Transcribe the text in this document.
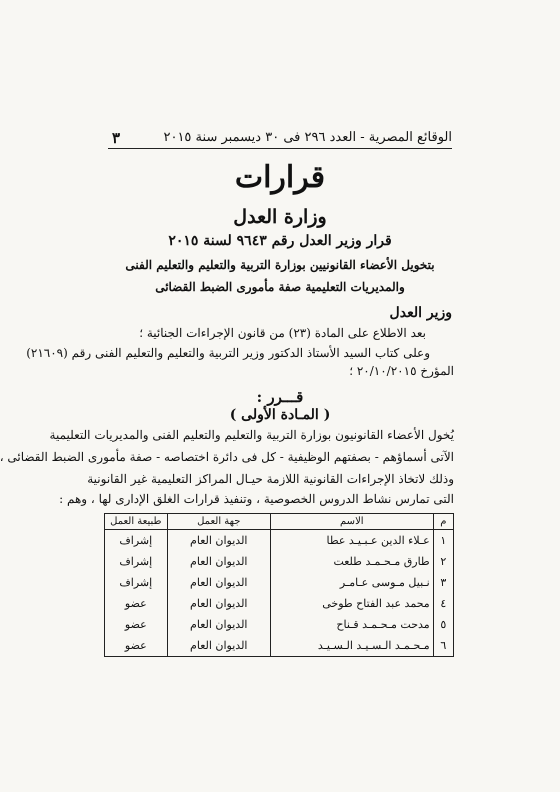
الوقائع المصرية - العدد ٢٩٦ فى ٣٠ ديسمبر سنة ٢٠١٥
٣
قرارات
وزارة العدل
قرار وزير العدل رقم ٩٦٤٣ لسنة ٢٠١٥
بتخويل الأعضاء القانونيين بوزارة التربية والتعليم والتعليم الفنى
والمديريات التعليمية صفة مأمورى الضبط القضائى
وزير العدل
بعد الاطلاع على المادة (٢٣) من قانون الإجراءات الجنائية ؛
وعلى كتاب السيد الأستاذ الدكتور وزير التربية والتعليم والتعليم الفنى رقم (٢١٦٠٩)
المؤرخ ٢٠/١٠/٢٠١٥ ؛
قـــرر :
( المـادة الأولى )
يُخول الأعضاء القانونيون بوزارة التربية والتعليم والتعليم الفنى والمديريات التعليمية
الآتى أسماؤهم - بصفتهم الوظيفية - كل فى دائرة اختصاصه - صفة مأمورى الضبط القضائى ،
وذلك لاتخاذ الإجراءات القانونية اللازمة حيـال المراكز التعليمية غير القانونية
التى تمارس نشاط الدروس الخصوصية ، وتنفيذ قرارات الغلق الإدارى لها ، وهم :
م	الاسم	جهة العمل	طبيعة العمل
١	عـلاء الدين عـبـيـد عطا	الديوان العام	إشراف
٢	طارق مـحـمـد طلعت	الديوان العام	إشراف
٣	نـبيل مـوسى عـامـر	الديوان العام	إشراف
٤	محمد عبد الفتاح طوخى	الديوان العام	عضو
٥	مدحت مـحـمـد قـناح	الديوان العام	عضو
٦	مـحـمـد الـسـيـد الـسـيـد	الديوان العام	عضو
